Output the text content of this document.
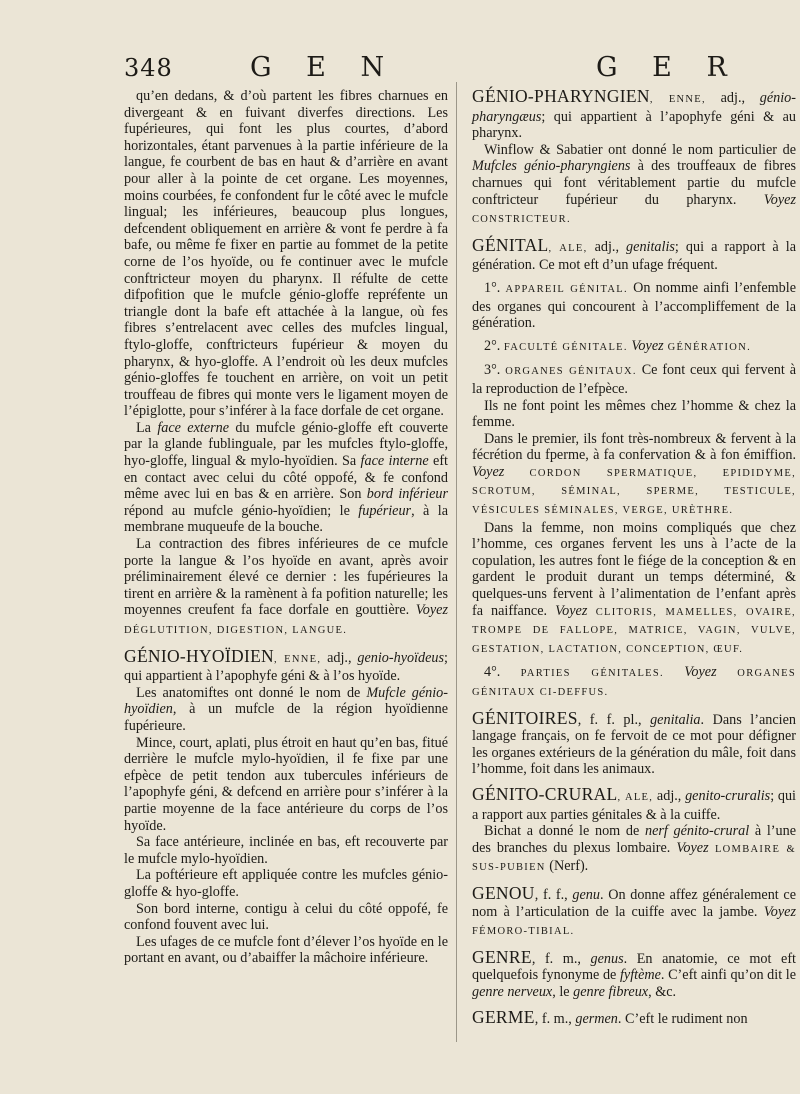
348	G E N	G E R

qu’en dedans, & d’où partent les fibres charnues en divergeant & en fuivant diverfes directions. Les fupérieures, qui font les plus courtes, d’abord horizontales, étant parvenues à la partie inférieure de la langue, fe courbent de bas en haut & d’arrière en avant pour aller à la pointe de cet organe. Les moyennes, moins courbées, fe confondent fur le côté avec le mufcle lingual; les inférieures, beaucoup plus longues, defcendent obliquement en arrière & vont fe perdre à fa bafe, ou même fe fixer en partie au fommet de la petite corne de l’os hyoïde, ou fe continuer avec le mufcle conftricteur moyen du pharynx. Il réfulte de cette difpofition que le mufcle génio-gloffe repréfente un triangle dont la bafe eft attachée à la langue, où fes fibres s’entrelacent avec celles des mufcles lingual, ftylo-gloffe, conftricteurs fupérieur & moyen du pharynx, & hyo-gloffe. A l’endroit où les deux mufcles génio-gloffes fe touchent en arrière, on voit un petit trouffeau de fibres qui monte vers le ligament moyen de l’épiglotte, pour s’inférer à la face dorfale de cet organe.

La face externe du mufcle génio-gloffe eft couverte par la glande fublinguale, par les mufcles ftylo-gloffe, hyo-gloffe, lingual & mylo-hyoïdien. Sa face interne eft en contact avec celui du côté oppofé, & fe confond même avec lui en bas & en arrière. Son bord inférieur répond au mufcle génio-hyoïdien; le fupérieur, à la membrane muqueufe de la bouche.

La contraction des fibres inférieures de ce mufcle porte la langue & l’os hyoïde en avant, après avoir préliminairement élevé ce dernier : les fupérieures la tirent en arrière & la ramènent à fa pofition naturelle; les moyennes creufent fa face dorfale en gouttière. Voyez DÉGLUTITION, DIGESTION, LANGUE.

GÉNIO-HYOÏDIEN, ENNE, adj., genio-hyoïdeus; qui appartient à l’apophyfe géni & à l’os hyoïde.

Les anatomiftes ont donné le nom de Mufcle génio-hyoïdien, à un mufcle de la région hyoïdienne fupérieure.

Mince, court, aplati, plus étroit en haut qu’en bas, fitué derrière le mufcle mylo-hyoïdien, il fe fixe par une efpèce de petit tendon aux tubercules inférieurs de l’apophyfe géni, & defcend en arrière pour s’inférer à la partie moyenne de la face antérieure du corps de l’os hyoïde.

Sa face antérieure, inclinée en bas, eft recouverte par le mufcle mylo-hyoïdien.

La poftérieure eft appliquée contre les mufcles génio-gloffe & hyo-gloffe.

Son bord interne, contigu à celui du côté oppofé, fe confond fouvent avec lui.

Les ufages de ce mufcle font d’élever l’os hyoïde en le portant en avant, ou d’abaiffer la mâchoire inférieure.

GÉNIO-PHARYNGIEN, ENNE, adj., génio-pharyngæus; qui appartient à l’apophyfe géni & au pharynx.

Winflow & Sabatier ont donné le nom particulier de Mufcles génio-pharyngiens à des trouffeaux de fibres charnues qui font véritablement partie du mufcle conftricteur fupérieur du pharynx. Voyez CONSTRICTEUR.

GÉNITAL, ALE, adj., genitalis; qui a rapport à la génération. Ce mot eft d’un ufage fréquent.

1°. APPAREIL GÉNITAL. On nomme ainfi l’enfemble des organes qui concourent à l’accompliffement de la génération.

2°. FACULTÉ GÉNITALE. Voyez GÉNÉRATION.

3°. ORGANES GÉNITAUX. Ce font ceux qui fervent à la reproduction de l’efpèce.

Ils ne font point les mêmes chez l’homme & chez la femme.

Dans le premier, ils font très-nombreux & fervent à la fécrétion du fperme, à fa confervation & à fon émiffion. Voyez CORDON SPERMATIQUE, EPIDIDYME, SCROTUM, SÉMINAL, SPERME, TESTICULE, VÉSICULES SÉMINALES, VERGE, URÈTHRE.

Dans la femme, non moins compliqués que chez l’homme, ces organes fervent les uns à l’acte de la copulation, les autres font le fiége de la conception & en gardent le produit durant un temps déterminé, & quelques-uns fervent à l’alimentation de l’enfant après fa naiffance. Voyez CLITORIS, MAMELLES, OVAIRE, TROMPE DE FALLOPE, MATRICE, VAGIN, VULVE, GESTATION, LACTATION, CONCEPTION, ŒUF.

4°. PARTIES GÉNITALES. Voyez ORGANES GÉNITAUX CI-DEFFUS.

GÉNITOIRES, f. f. pl., genitalia. Dans l’ancien langage français, on fe fervoit de ce mot pour défigner les organes extérieurs de la génération du mâle, foit dans l’homme, foit dans les animaux.

GÉNITO-CRURAL, ALE, adj., genito-cruralis; qui a rapport aux parties génitales & à la cuiffe.

Bichat a donné le nom de nerf génito-crural à l’une des branches du plexus lombaire. Voyez LOMBAIRE & SUS-PUBIEN (Nerf).

GENOU, f. f., genu. On donne affez généralement ce nom à l’articulation de la cuiffe avec la jambe. Voyez FÉMORO-TIBIAL.

GENRE, f. m., genus. En anatomie, ce mot eft quelquefois fynonyme de fyftème. C’eft ainfi qu’on dit le genre nerveux, le genre fibreux, &c.

GERME, f. m., germen. C’eft le rudiment non
